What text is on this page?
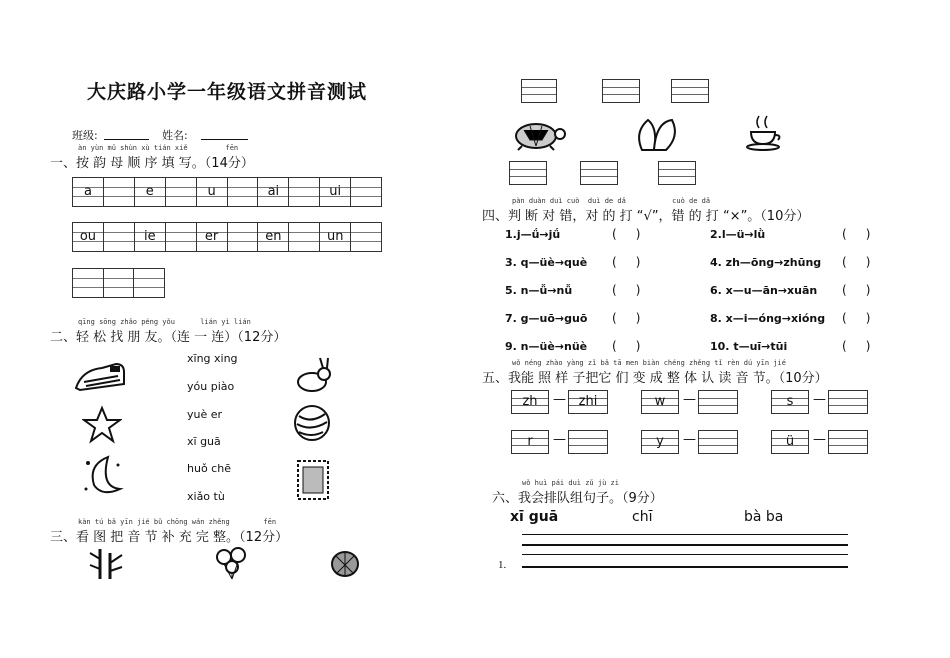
大庆路小学一年级语文拼音测试
班级:	姓名:
àn yùn mǔ shùn xù tián xiě         fēn
一、按 韵 母 顺 序 填 写。（14分）
a	e	u	ai	ui
ou	ie	er	en	un
qīng sōng zhǎo péng yǒu      lián yì lián
二、轻 松 找 朋 友。（连 一 连）（12分）
xīng xing
yóu piào
yuè er
xī guā
huǒ chē
xiǎo tù
kàn tú bǎ yīn jié bǔ chōng wán zhěng        fēn
三、看 图 把 音 节 补 充 完 整。（12分）
pàn duàn duì cuò  duì de dǎ           cuò de dǎ
四、判 断 对 错，对 的 打 “√”，错 的 打 “×”。（10分）
1.j—ǘ→jǘ	(     )	2.l—ü→lǜ	(     )
3. q—üè→què (     )	4. zh—ōng→zhūng (     )
5. n—ǚ→nǚ	(     )	6. x—u—ān→xuān (     )
7. g—uō→guō (     )	8. x—i—óng→xióng (     )
9. n—üè→nüè (     )	10. t—uī→tūi	(     )
wǒ néng zhào yàng zǐ bǎ tā men biàn chéng zhěng tǐ rèn dú yīn jié
五、我能 照 样 子把它 们 变 成 整 体 认 读 音 节。（10分）
zh	— zhi	w	—	s	—
r	—	y	—	ü	—
wǒ huì pái duì zǔ jù zi
六、我会排队组句子。（9分）
xī guā	chī	bà ba
1.
